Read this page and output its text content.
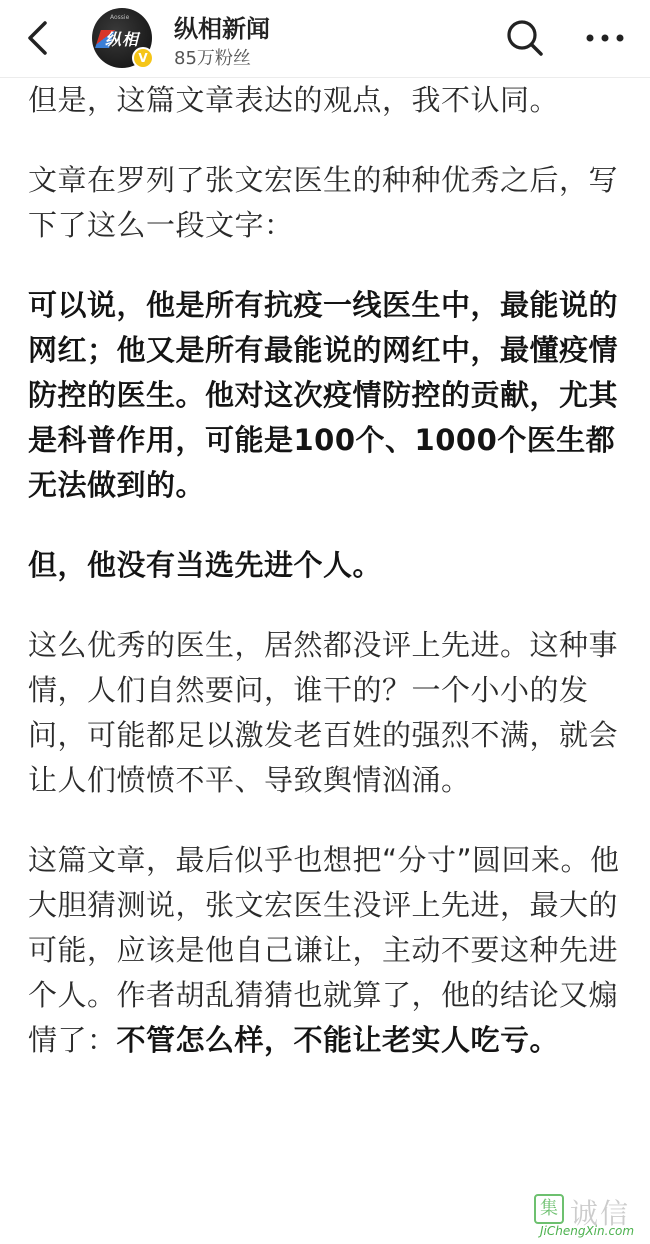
Aossie
纵相
V
纵相新闻
85万粉丝

但是，这篇文章表达的观点，我不认同。

文章在罗列了张文宏医生的种种优秀之后，写下了这么一段文字：

可以说，他是所有抗疫一线医生中，最能说的网红；他又是所有最能说的网红中，最懂疫情防控的医生。他对这次疫情防控的贡献，尤其是科普作用，可能是100个、1000个医生都无法做到的。

但，他没有当选先进个人。

这么优秀的医生，居然都没评上先进。这种事情，人们自然要问，谁干的？一个小小的发问，可能都足以激发老百姓的强烈不满，就会让人们愤愤不平、导致舆情汹涌。

这篇文章，最后似乎也想把“分寸”圆回来。他大胆猜测说，张文宏医生没评上先进，最大的可能，应该是他自己谦让，主动不要这种先进个人。作者胡乱猜猜也就算了，他的结论又煽情了：不管怎么样，不能让老实人吃亏。

集 诚信
JiChengXin.com
